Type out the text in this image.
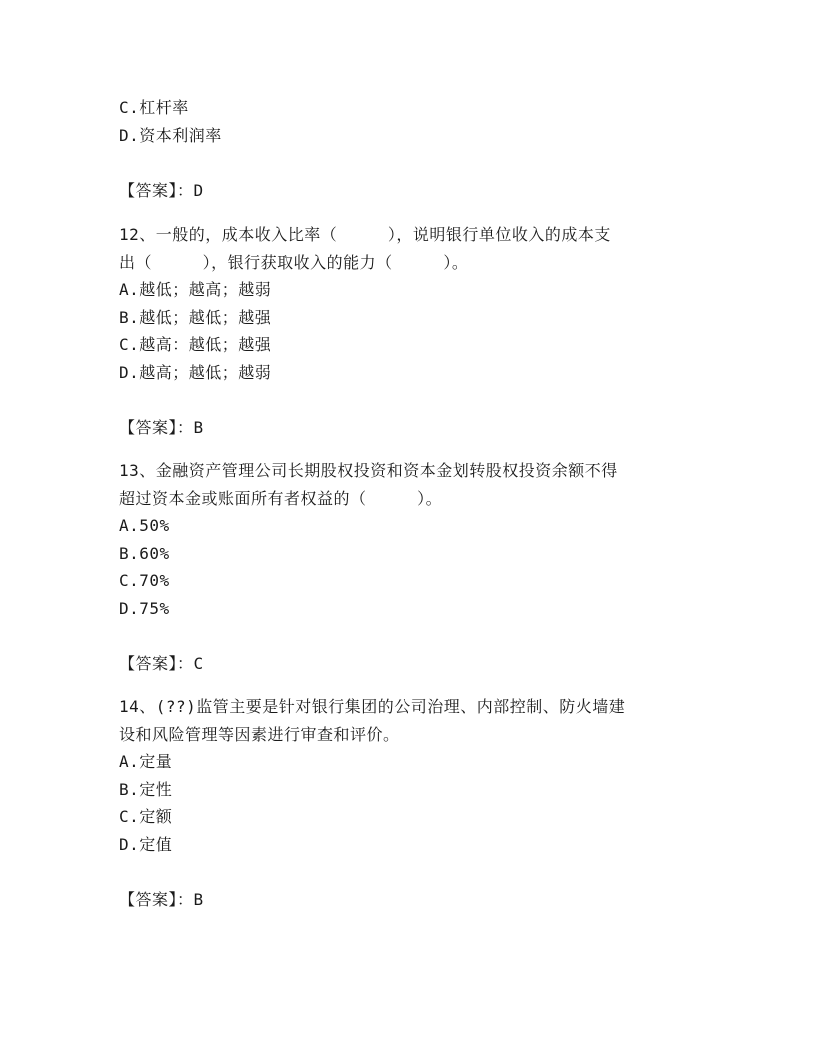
C.杠杆率
D.资本利润率
【答案】：D
12、一般的，成本收入比率（     ），说明银行单位收入的成本支
出（     ），银行获取收入的能力（     ）。
A.越低；越高；越弱
B.越低；越低；越强
C.越高：越低；越强
D.越高；越低；越弱
【答案】：B
13、金融资产管理公司长期股权投资和资本金划转股权投资余额不得
超过资本金或账面所有者权益的（     ）。
A.50%
B.60%
C.70%
D.75%
【答案】：C
14、(??)监管主要是针对银行集团的公司治理、内部控制、防火墙建
设和风险管理等因素进行审查和评价。
A.定量
B.定性
C.定额
D.定值
【答案】：B
